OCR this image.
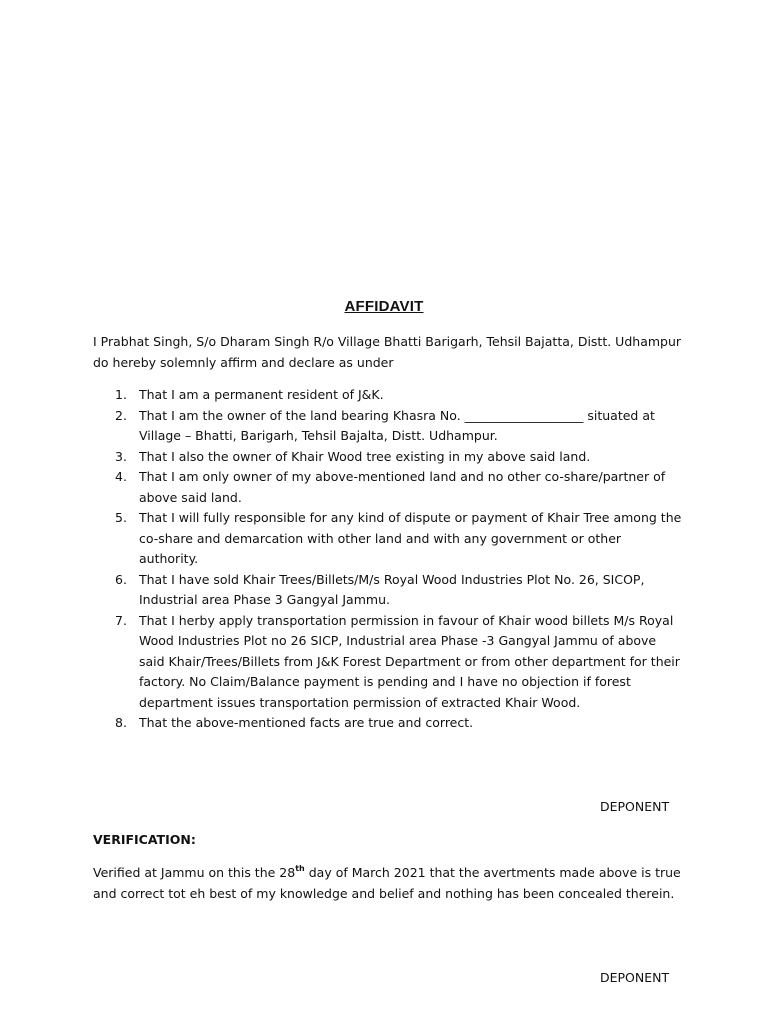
AFFIDAVIT

I Prabhat Singh, S/o Dharam Singh R/o Village Bhatti Barigarh, Tehsil Bajatta, Distt. Udhampur do hereby solemnly affirm and declare as under

1. That I am a permanent resident of J&K.
2. That I am the owner of the land bearing Khasra No. ___________________ situated at Village – Bhatti, Barigarh, Tehsil Bajalta, Distt. Udhampur.
3. That I also the owner of Khair Wood tree existing in my above said land.
4. That I am only owner of my above-mentioned land and no other co-share/partner of above said land.
5. That I will fully responsible for any kind of dispute or payment of Khair Tree among the co-share and demarcation with other land and with any government or other authority.
6. That I have sold Khair Trees/Billets/M/s Royal Wood Industries Plot No. 26, SICOP, Industrial area Phase 3 Gangyal Jammu.
7. That I herby apply transportation permission in favour of Khair wood billets M/s Royal Wood Industries Plot no 26 SICP, Industrial area Phase -3 Gangyal Jammu of above said Khair/Trees/Billets from J&K Forest Department or from other department for their factory. No Claim/Balance payment is pending and I have no objection if forest department issues transportation permission of extracted Khair Wood.
8. That the above-mentioned facts are true and correct.
DEPONENT
VERIFICATION:

Verified at Jammu on this the 28th day of March 2021 that the avertments made above is true and correct tot eh best of my knowledge and belief and nothing has been concealed therein.

DEPONENT
